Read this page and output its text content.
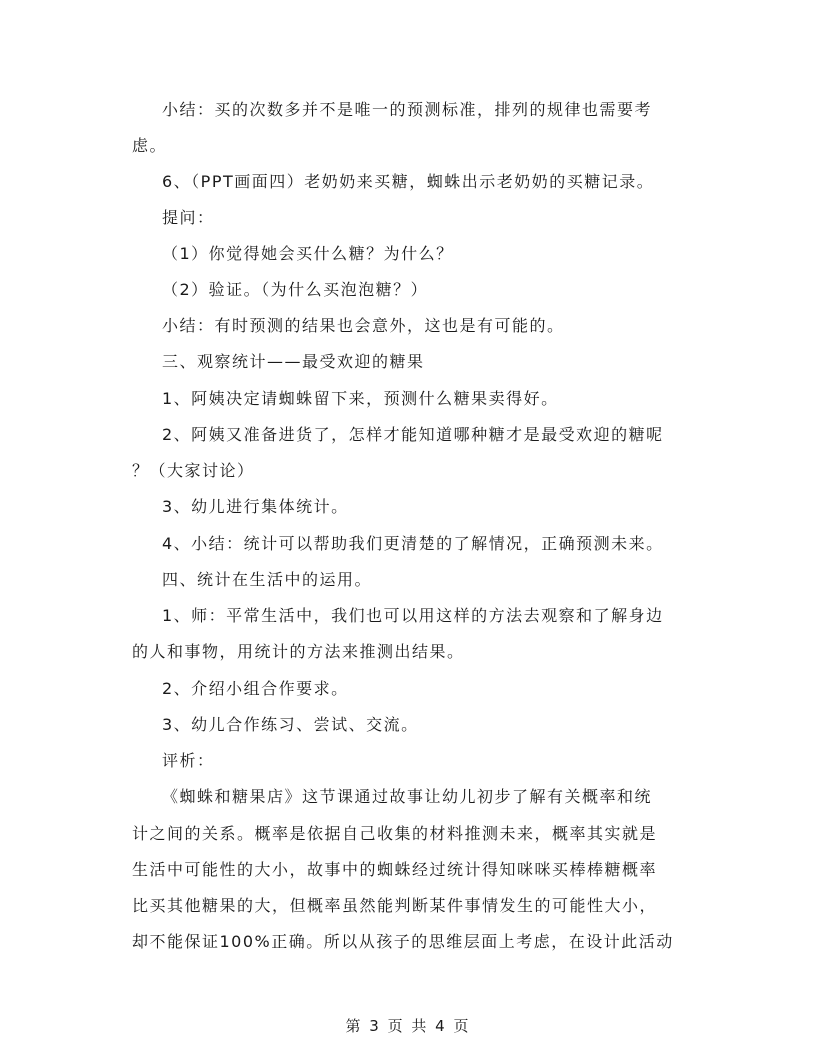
小结：买的次数多并不是唯一的预测标准，排列的规律也需要考
虑。
6、（PPT画面四）老奶奶来买糖，蜘蛛出示老奶奶的买糖记录。
提问：
（1）你觉得她会买什么糖？为什么？
（2）验证。（为什么买泡泡糖？）
小结：有时预测的结果也会意外，这也是有可能的。
三、观察统计——最受欢迎的糖果
1、阿姨决定请蜘蛛留下来，预测什么糖果卖得好。
2、阿姨又准备进货了，怎样才能知道哪种糖才是最受欢迎的糖呢
？（大家讨论）
3、幼儿进行集体统计。
4、小结：统计可以帮助我们更清楚的了解情况，正确预测未来。
四、统计在生活中的运用。
1、师：平常生活中，我们也可以用这样的方法去观察和了解身边
的人和事物，用统计的方法来推测出结果。
2、介绍小组合作要求。
3、幼儿合作练习、尝试、交流。
评析：
《蜘蛛和糖果店》这节课通过故事让幼儿初步了解有关概率和统
计之间的关系。概率是依据自己收集的材料推测未来，概率其实就是
生活中可能性的大小，故事中的蜘蛛经过统计得知咪咪买棒棒糖概率
比买其他糖果的大，但概率虽然能判断某件事情发生的可能性大小，
却不能保证100%正确。所以从孩子的思维层面上考虑，在设计此活动
第 3 页 共 4 页
